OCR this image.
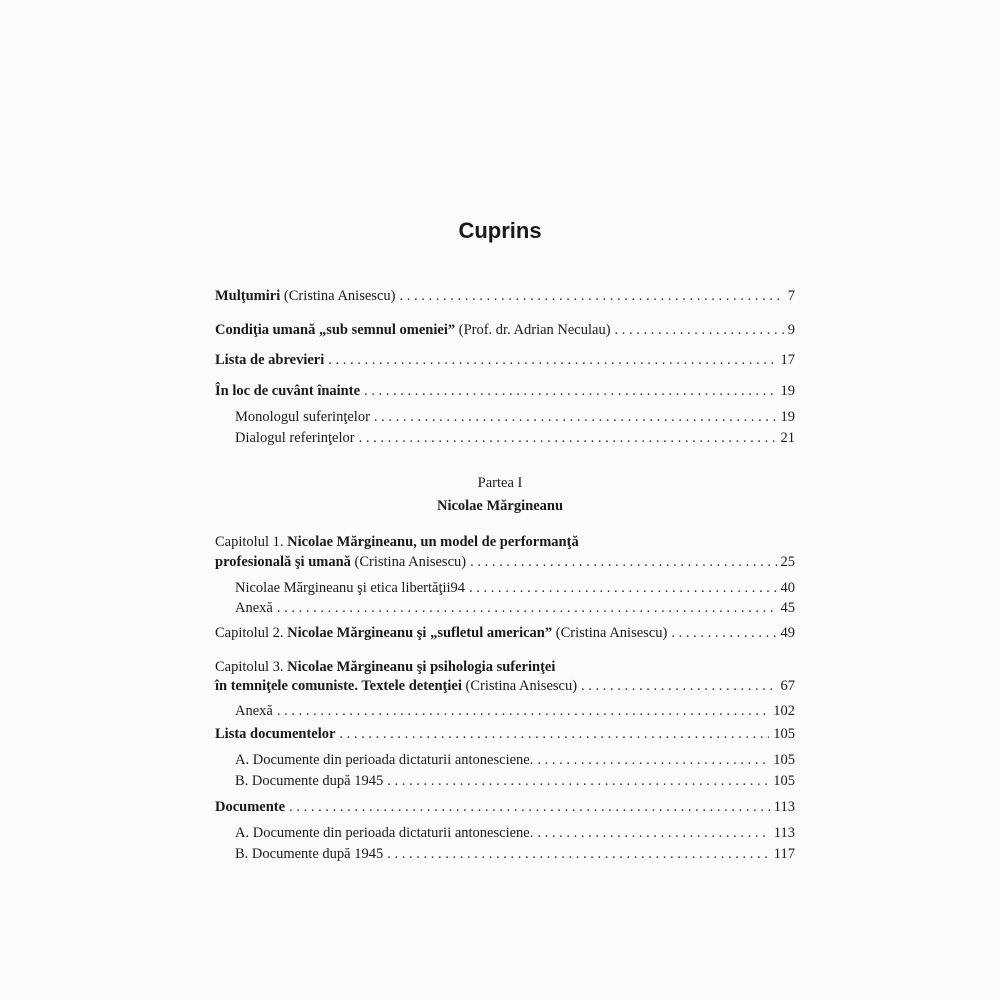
Cuprins
Mulţumiri (Cristina Anisescu) . . .	7
Condiţia umană „sub semnul omeniei” (Prof. dr. Adrian Neculau) . . .	9
Lista de abrevieri . . .	17
În loc de cuvânt înainte . . .	19
Monologul suferinţelor . . .	19
Dialogul referinţelor . . .	21
Partea I
Nicolae Mărgineanu
Capitolul 1. Nicolae Mărgineanu, un model de performanţă
profesională şi umană (Cristina Anisescu) . . .	25
Nicolae Mărgineanu şi etica libertăţii94 . . .	40
Anexă . . .	45
Capitolul 2. Nicolae Mărgineanu şi „sufletul american” (Cristina Anisescu) . . .	49
Capitolul 3. Nicolae Mărgineanu şi psihologia suferinţei
în temniţele comuniste. Textele detenţiei (Cristina Anisescu) . . .	67
Anexă . . .	102
Lista documentelor . . .	105
A. Documente din perioada dictaturii antonesciene. . . .	105
B. Documente după 1945 . . .	105
Documente . . .	113
A. Documente din perioada dictaturii antonesciene. . . .	113
B. Documente după 1945 . . .	117
